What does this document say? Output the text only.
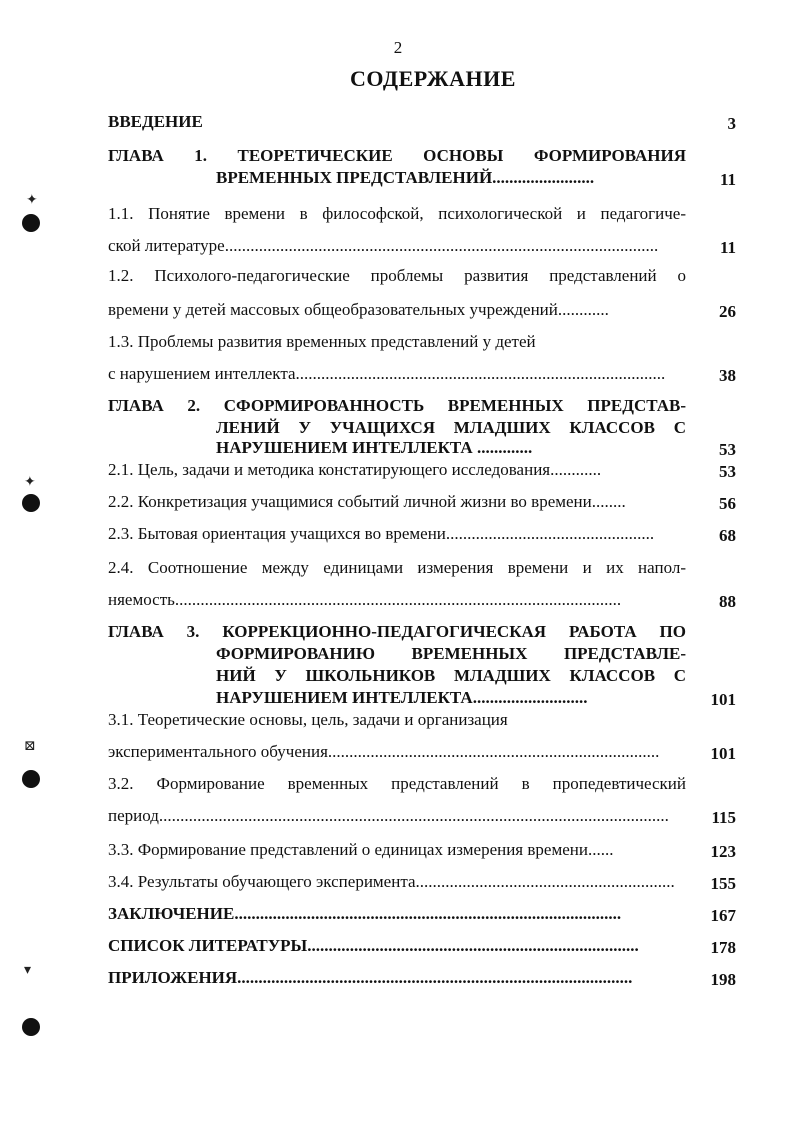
2
СОДЕРЖАНИЕ
✦
✦
⊠
▾
ВВЕДЕНИЕ	3
ГЛАВА 1. ТЕОРЕТИЧЕСКИЕ ОСНОВЫ ФОРМИРОВАНИЯ
ВРЕМЕННЫХ ПРЕДСТАВЛЕНИЙ........................	11
1.1. Понятие времени в философской, психологической и педагогиче-
ской литературе......................................................................................................	11
1.2. Психолого-педагогические проблемы развития представлений о
времени у детей массовых общеобразовательных учреждений............	26
1.3. Проблемы развития временных представлений у детей
с нарушением интеллекта.......................................................................................	38
ГЛАВА 2. СФОРМИРОВАННОСТЬ ВРЕМЕННЫХ ПРЕДСТАВ-
ЛЕНИЙ У УЧАЩИХСЯ МЛАДШИХ КЛАССОВ С
НАРУШЕНИЕМ ИНТЕЛЛЕКТА .............	53
2.1. Цель, задачи и методика констатирующего исследования............	53
2.2. Конкретизация учащимися событий личной жизни во времени........	56
2.3. Бытовая ориентация учащихся во времени.................................................	68
2.4. Соотношение между единицами измерения времени и их напол-
няемость.........................................................................................................	88
ГЛАВА 3. КОРРЕКЦИОННО-ПЕДАГОГИЧЕСКАЯ РАБОТА ПО
ФОРМИРОВАНИЮ ВРЕМЕННЫХ ПРЕДСТАВЛЕ-
НИЙ У ШКОЛЬНИКОВ МЛАДШИХ КЛАССОВ С
НАРУШЕНИЕМ ИНТЕЛЛЕКТА...........................	101
3.1. Теоретические основы, цель, задачи и организация
экспериментального обучения..............................................................................	101
3.2. Формирование временных представлений в пропедевтический
период........................................................................................................................	115
3.3. Формирование представлений о единицах измерения времени......	123
3.4. Результаты обучающего эксперимента.............................................................	155
ЗАКЛЮЧЕНИЕ...........................................................................................	167
СПИСОК ЛИТЕРАТУРЫ..............................................................................	178
ПРИЛОЖЕНИЯ.............................................................................................	198
